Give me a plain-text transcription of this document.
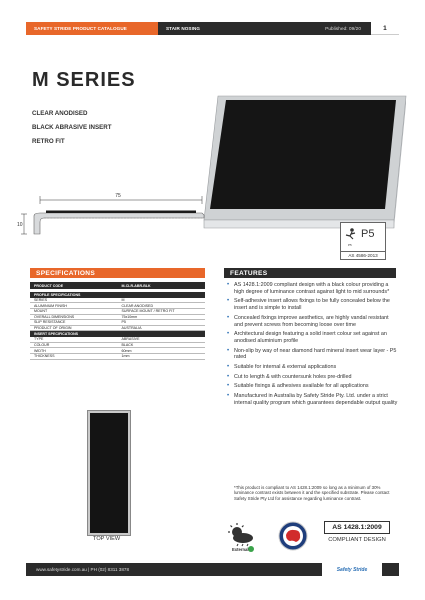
SAFETY STRIDE PRODUCT CATALOGUE	STAIR NOSING	Published: 09/20	1
M SERIES
CLEAR ANODISED
BLACK ABRASIVE INSERT
RETRO FIT
75
10
P5
P5
AS 4586-2013
SPECIFICATIONS	FEATURES
PRODUCT CODE	M-CLR-ABR-BLK
PROFILE SPECIFICATIONS
SERIES	M
ALUMINIUM FINISH	CLEAR ANODISED
MOUNT	SURFACE MOUNT / RETRO FIT
OVERALL DIMENSIONS	75x10mm
SLIP RESISTANCE	P5
PRODUCT OF ORIGIN	AUSTRALIA
INSERT SPECIFICATIONS
TYPE	ABRASIVE
COLOUR	BLACK
WIDTH	60mm
THICKNESS	1mm
• AS 1428.1:2009 compliant design with a black colour providing a high degree of luminance contrast against light to mid surrounds*
• Self-adhesive insert allows fixings to be fully concealed below the insert and is simple to install
• Concealed fixings improve aesthetics, are highly vandal resistant and prevent screws from becoming loose over time
• Architectural design featuring a solid insert colour set against an anodised aluminium profile
• Non-slip by way of near diamond hard mineral insert wear layer - P5 rated
• Suitable for internal & external applications
• Cut to length & with countersunk holes pre-drilled
• Suitable fixings & adhesives available for all applications
• Manufactured in Australia by Safety Stride Pty. Ltd. under a strict internal quality program which guarantees dependable output quality
*This product is compliant to AS 1428.1:2009 so long as a minimum of 30% luminance contrast exists between it and the specified substrate. Please contact Safety Stride Pty Ltd for assistance regarding luminance contrast.
TOP VIEW
External
AS 1428.1:2009
COMPLIANT DESIGN
www.safetystride.com.au | PH (02) 8311 3878	Safety Stride
